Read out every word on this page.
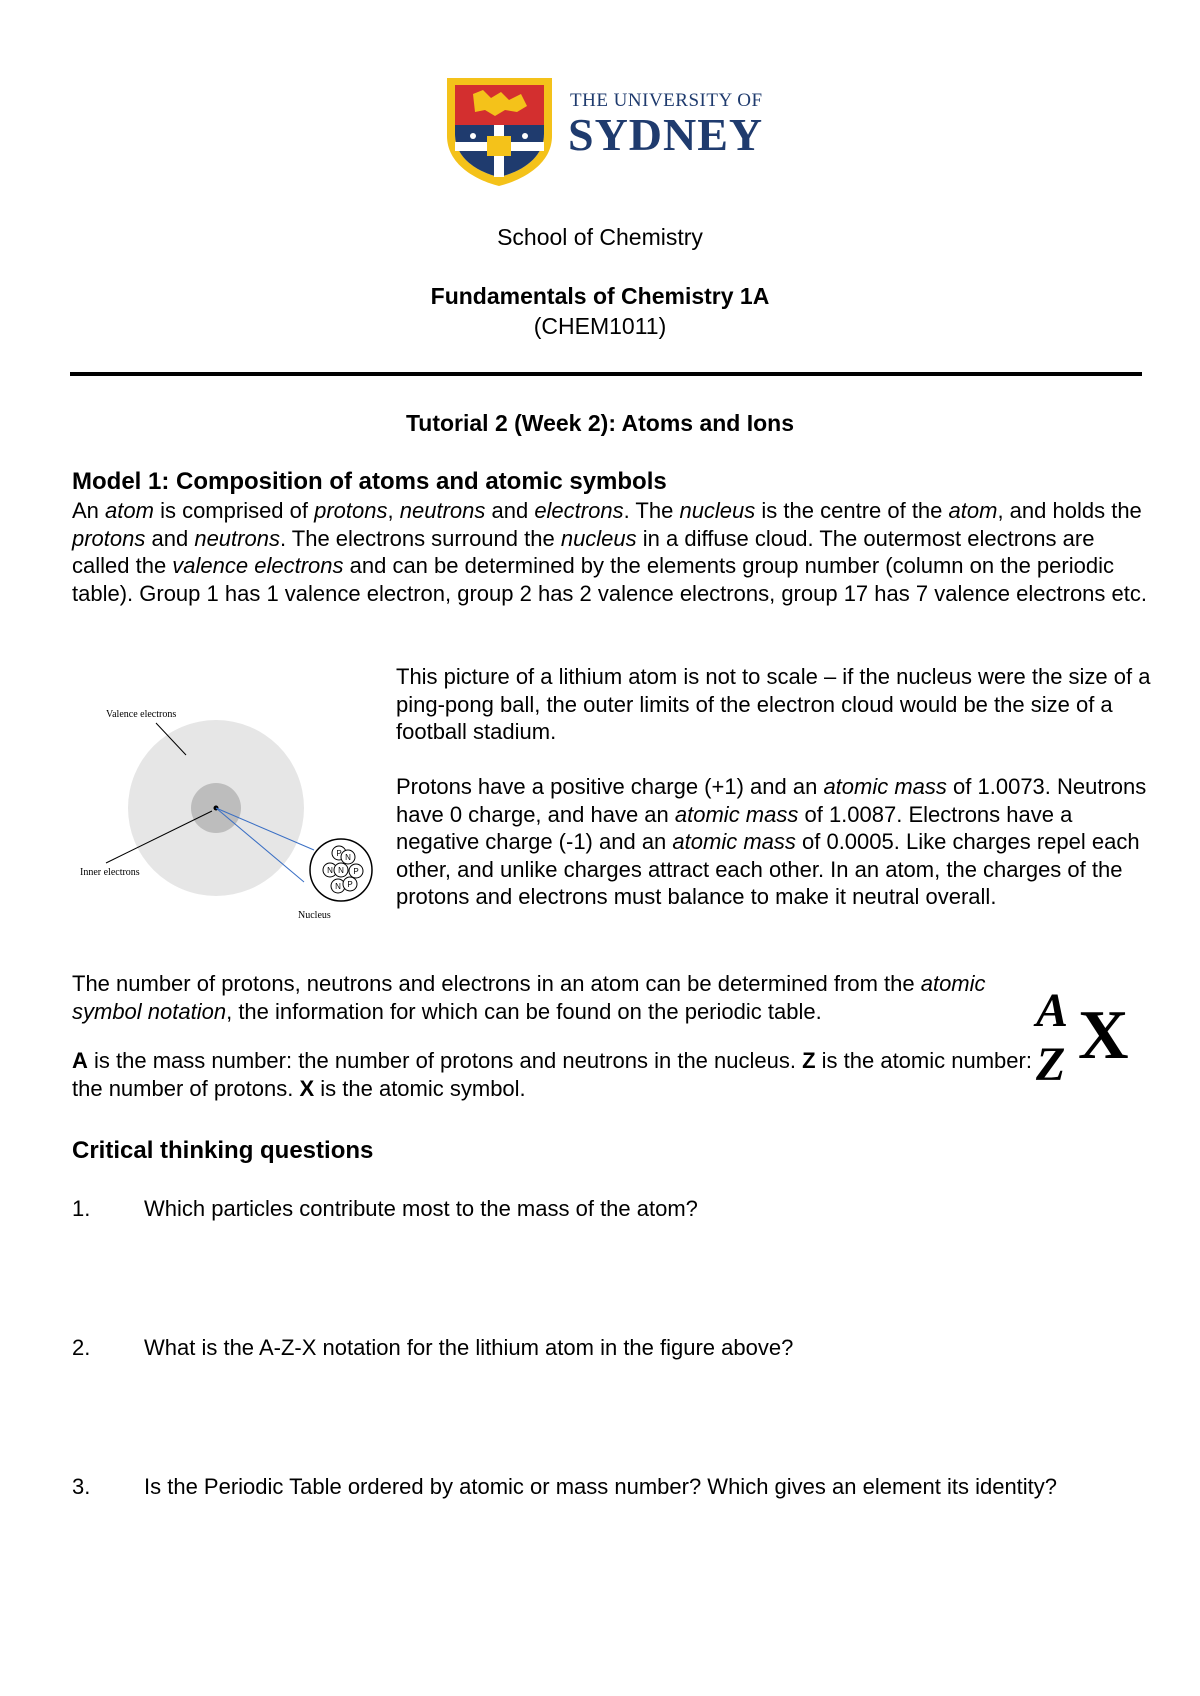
THE UNIVERSITY OF
SYDNEY
School of Chemistry
Fundamentals of Chemistry 1A
(CHEM1011)
Tutorial 2 (Week 2): Atoms and Ions
Model 1: Composition of atoms and atomic symbols
An atom is comprised of protons, neutrons and electrons. The nucleus is the centre of the atom, and holds the protons and neutrons. The electrons surround the nucleus in a diffuse cloud. The outermost electrons are called the valence electrons and can be determined by the elements group number (column on the periodic table). Group 1 has 1 valence electron, group 2 has 2 valence electrons, group 17 has 7 valence electrons etc.
P N
N N P
N P
Valence electrons
Inner electrons
Nucleus
This picture of a lithium atom is not to scale – if the nucleus were the size of a ping-pong ball, the outer limits of the electron cloud would be the size of a football stadium.
Protons have a positive charge (+1) and an atomic mass of 1.0073. Neutrons have 0 charge, and have an atomic mass of 1.0087. Electrons have a negative charge (-1) and an atomic mass of 0.0005. Like charges repel each other, and unlike charges attract each other. In an atom, the charges of the protons and electrons must balance to make it neutral overall.
The number of protons, neutrons and electrons in an atom can be determined from the atomic symbol notation, the information for which can be found on the periodic table.
A is the mass number: the number of protons and neutrons in the nucleus. Z is the atomic number: the number of protons. X is the atomic symbol.
A
Z X
Critical thinking questions
1. Which particles contribute most to the mass of the atom?
2. What is the A-Z-X notation for the lithium atom in the figure above?
3. Is the Periodic Table ordered by atomic or mass number? Which gives an element its identity?
